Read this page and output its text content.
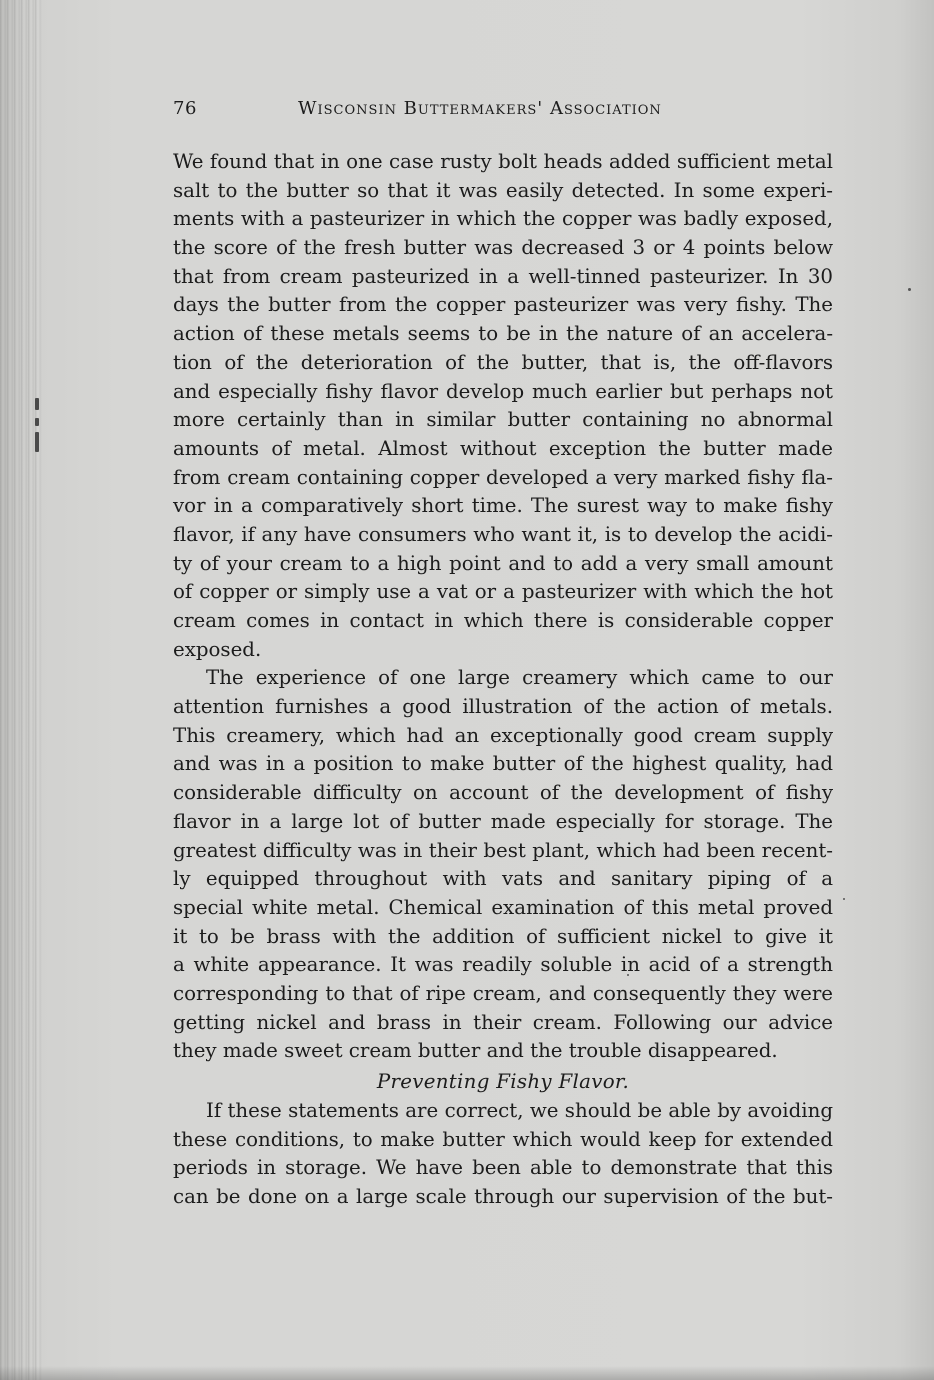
76	Wisconsin Buttermakers' Association
We found that in one case rusty bolt heads added sufficient metal
salt to the butter so that it was easily detected. In some experi-
ments with a pasteurizer in which the copper was badly exposed,
the score of the fresh butter was decreased 3 or 4 points below
that from cream pasteurized in a well-tinned pasteurizer. In 30
days the butter from the copper pasteurizer was very fishy. The
action of these metals seems to be in the nature of an accelera-
tion of the deterioration of the butter, that is, the off-flavors
and especially fishy flavor develop much earlier but perhaps not
more certainly than in similar butter containing no abnormal
amounts of metal. Almost without exception the butter made
from cream containing copper developed a very marked fishy fla-
vor in a comparatively short time. The surest way to make fishy
flavor, if any have consumers who want it, is to develop the acidi-
ty of your cream to a high point and to add a very small amount
of copper or simply use a vat or a pasteurizer with which the hot
cream comes in contact in which there is considerable copper
exposed.
The experience of one large creamery which came to our
attention furnishes a good illustration of the action of metals.
This creamery, which had an exceptionally good cream supply
and was in a position to make butter of the highest quality, had
considerable difficulty on account of the development of fishy
flavor in a large lot of butter made especially for storage. The
greatest difficulty was in their best plant, which had been recent-
ly equipped throughout with vats and sanitary piping of a
special white metal. Chemical examination of this metal proved
it to be brass with the addition of sufficient nickel to give it
a white appearance. It was readily soluble in acid of a strength
corresponding to that of ripe cream, and consequently they were
getting nickel and brass in their cream. Following our advice
they made sweet cream butter and the trouble disappeared.
Preventing Fishy Flavor.
If these statements are correct, we should be able by avoiding
these conditions, to make butter which would keep for extended
periods in storage. We have been able to demonstrate that this
can be done on a large scale through our supervision of the but-
